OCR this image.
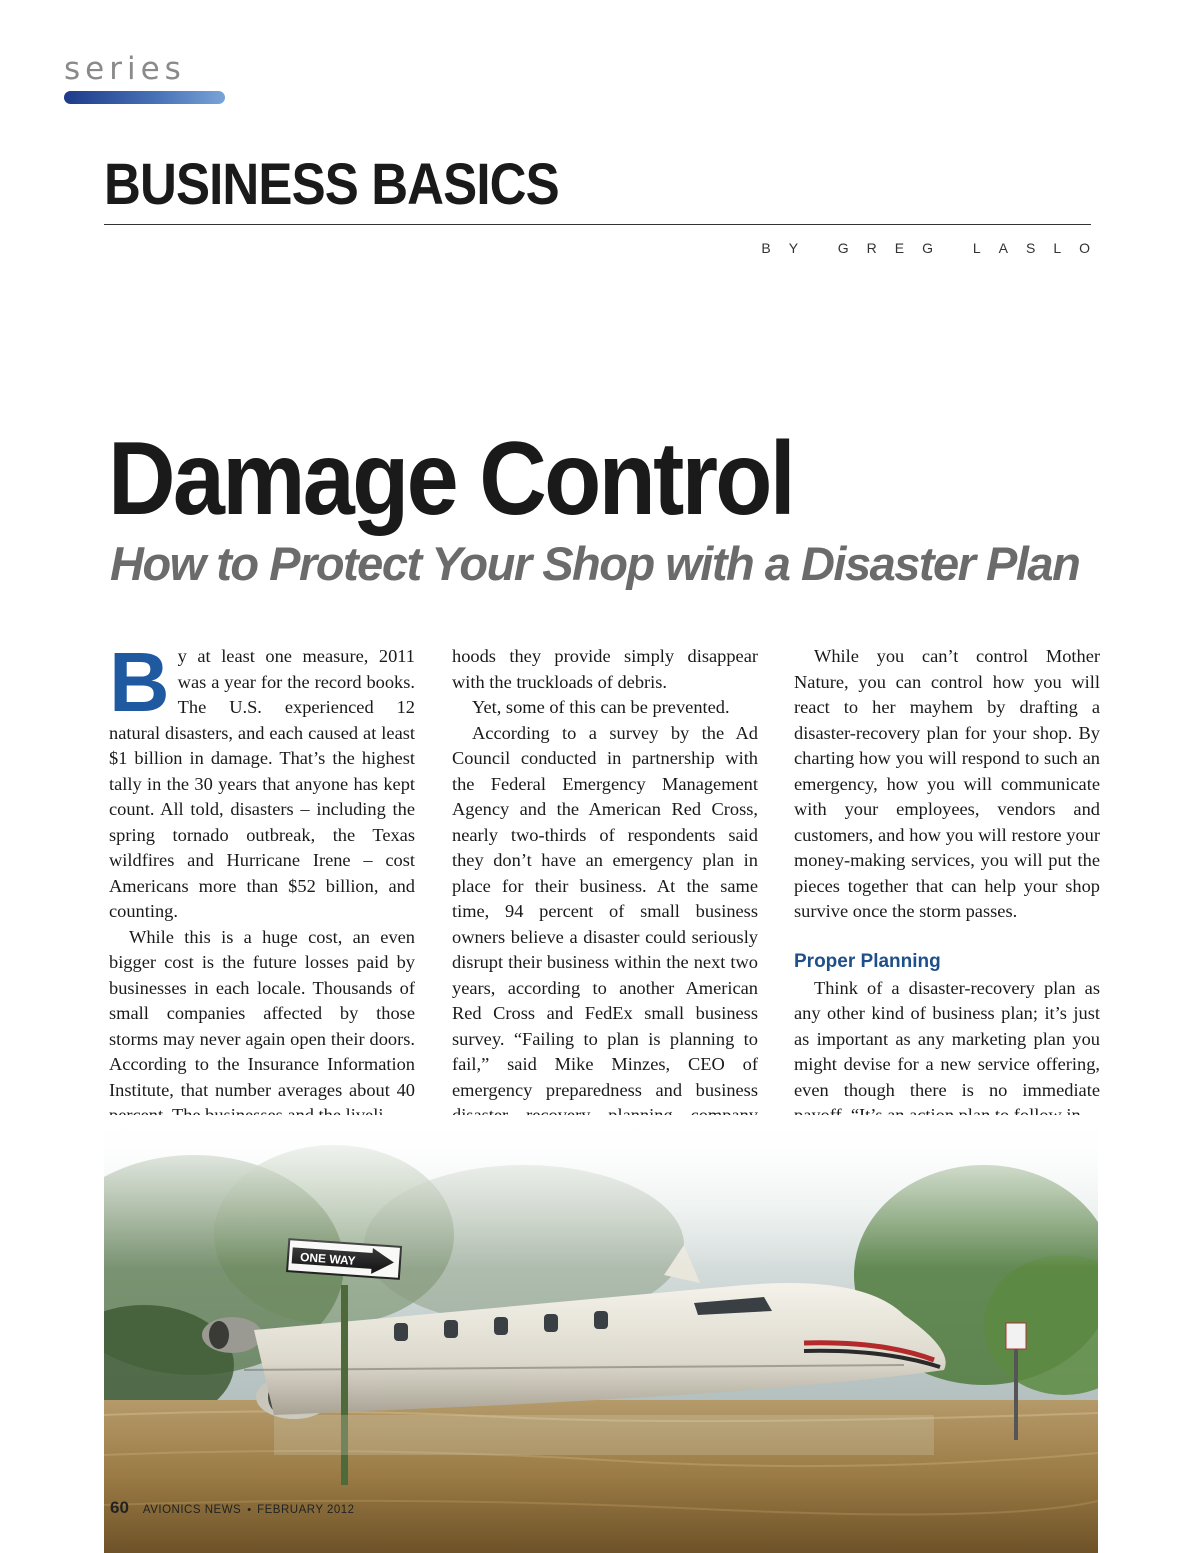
series
BUSINESS BASICS
BY GREG LASLO
Damage Control
How to Protect Your Shop with a Disaster Plan

By at least one measure, 2011 was a year for the record books. The U.S. experienced 12 natural disasters, and each caused at least $1 billion in damage. That’s the highest tally in the 30 years that anyone has kept count. All told, disasters – including the spring tornado outbreak, the Texas wildfires and Hurricane Irene – cost Americans more than $52 billion, and counting.

While this is a huge cost, an even bigger cost is the future losses paid by businesses in each locale. Thousands of small companies affected by those storms may never again open their doors. According to the Insurance Information Institute, that number averages about 40

hoods they provide simply disappear with the truckloads of debris.

Yet, some of this can be prevented.

According to a survey by the Ad Council conducted in partnership with the Federal Emergency Management Agency and the American Red Cross, nearly two-thirds of respondents said they don’t have an emergency plan in place for their business. At the same time, 94 percent of small business owners believe a disaster could seriously disrupt their business within the next two years, according to another American Red Cross and FedEx small business survey. “Failing to plan is planning to fail,” said Mike Minzes, CEO of emergency preparedness and business

While you can’t control Mother Nature, you can control how you will react to her mayhem by drafting a disaster-recovery plan for your shop. By charting how you will respond to such an emergency, how you will communicate with your employees, vendors and customers, and how you will restore your money-making services, you will put the pieces together that can help your shop survive once the storm passes.

Proper Planning

Think of a disaster-recovery plan as any other kind of business plan; it’s just as important as any marketing plan you might devise for a new service offering, even though there is no immediate

60 AVIONICS NEWS • FEBRUARY 2012
